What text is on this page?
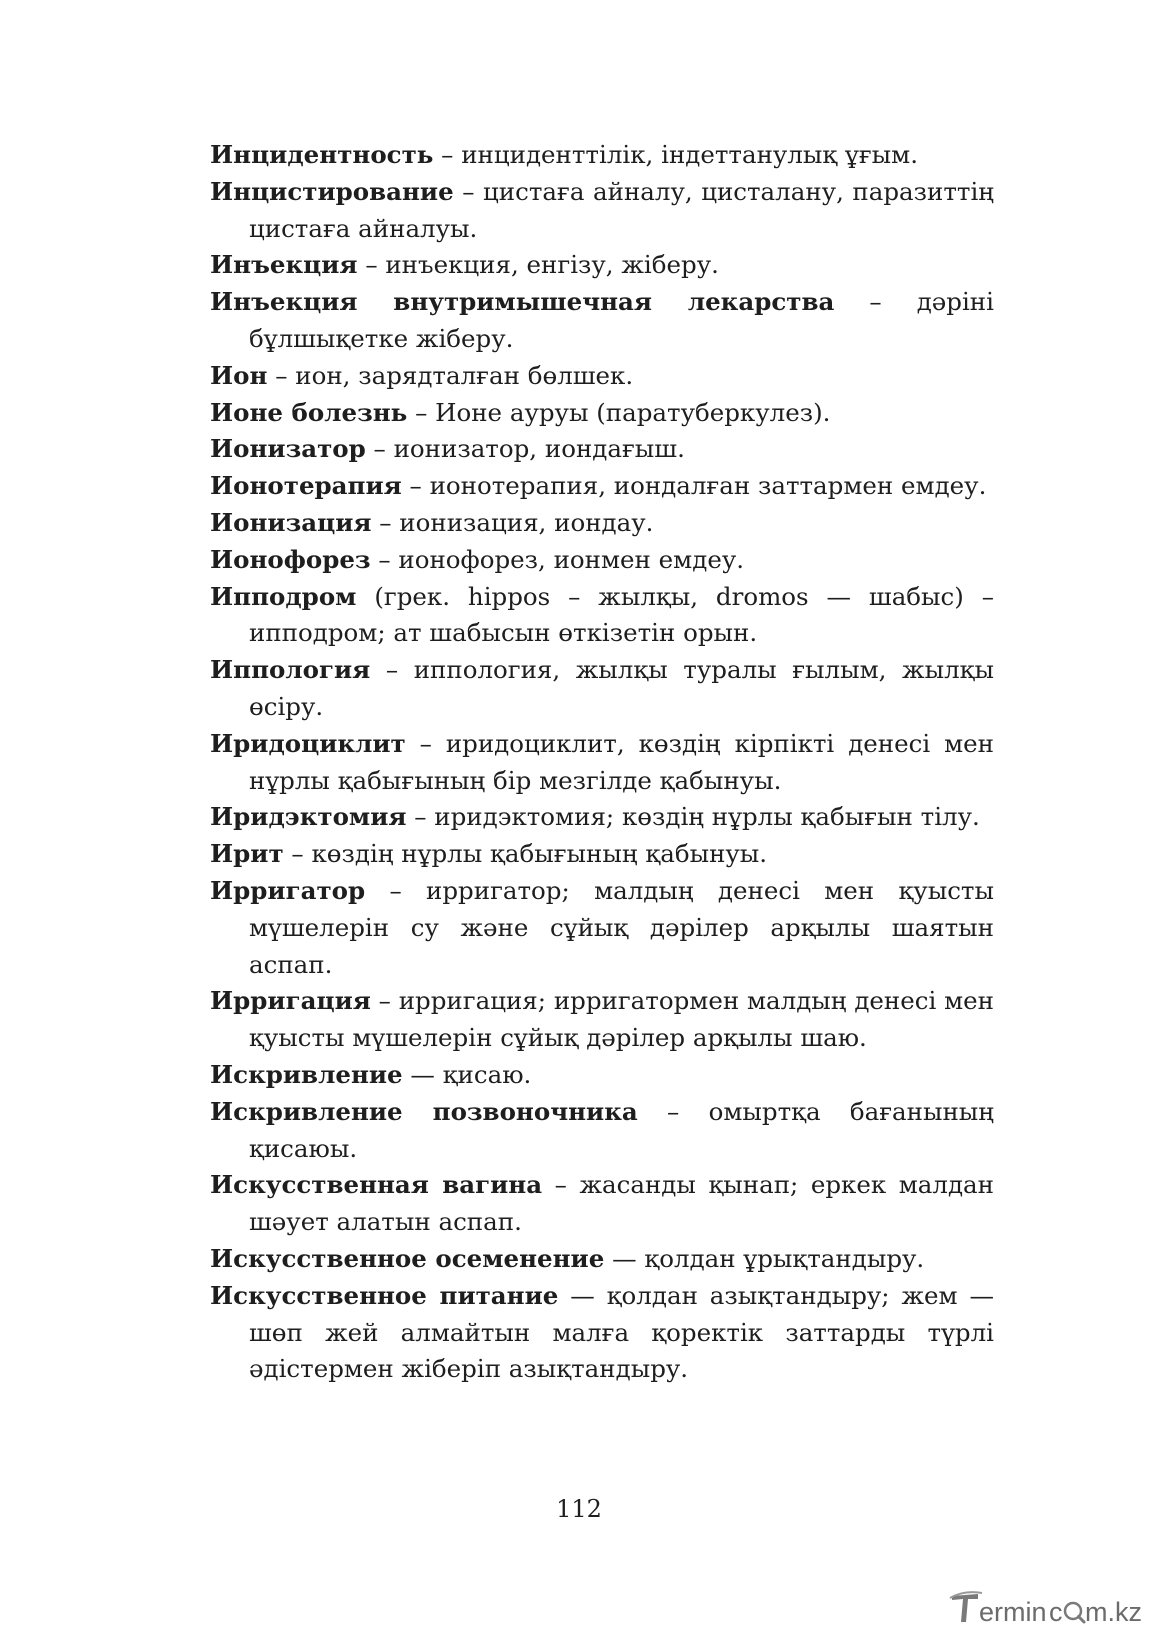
Инцидентность – инциденттілік, індеттанулық ұғым.
Инцистирование – цистаға айналу, цисталану, паразиттің цистаға айналуы.
Инъекция – инъекция, енгізу, жіберу.
Инъекция внутримышечная лекарства – дәріні бұлшықетке жіберу.
Ион – ион, зарядталған бөлшек.
Ионе болезнь – Ионе ауруы (паратуберкулез).
Ионизатор – ионизатор, иондағыш.
Ионотерапия – ионотерапия, иондалған заттармен емдеу.
Ионизация – ионизация, иондау.
Ионофорез – ионофорез, ионмен емдеу.
Ипподром (грек. hippos – жылқы, dromos — шабыс) – ипподром; ат шабысын өткізетін орын.
Иппология – иппология, жылқы туралы ғылым, жылқы өсіру.
Иридоциклит – иридоциклит, көздің кірпікті денесі мен нұрлы қабығының бір мезгілде қабынуы.
Иридэктомия – иридэктомия; көздің нұрлы қабығын тілу.
Ирит – көздің нұрлы қабығының қабынуы.
Ирригатор – ирригатор; малдың денесі мен қуысты мүшелерін су және сұйық дәрілер арқылы шаятын аспап.
Ирригация – ирригация; ирригатормен малдың денесі мен қуысты мүшелерін сұйық дәрілер арқылы шаю.
Искривление — қисаю.
Искривление позвоночника – омыртқа бағанының қисаюы.
Искусственная вагина – жасанды қынап; еркек малдан шәует алатын аспап.
Искусственное осеменение — қолдан ұрықтандыру.
Искусственное питание — қолдан азықтандыру; жем — шөп жей алмайтын малға қоректік заттарды түрлі әдістермен жіберіп азықтандыру.
112
ermin c m.kz
